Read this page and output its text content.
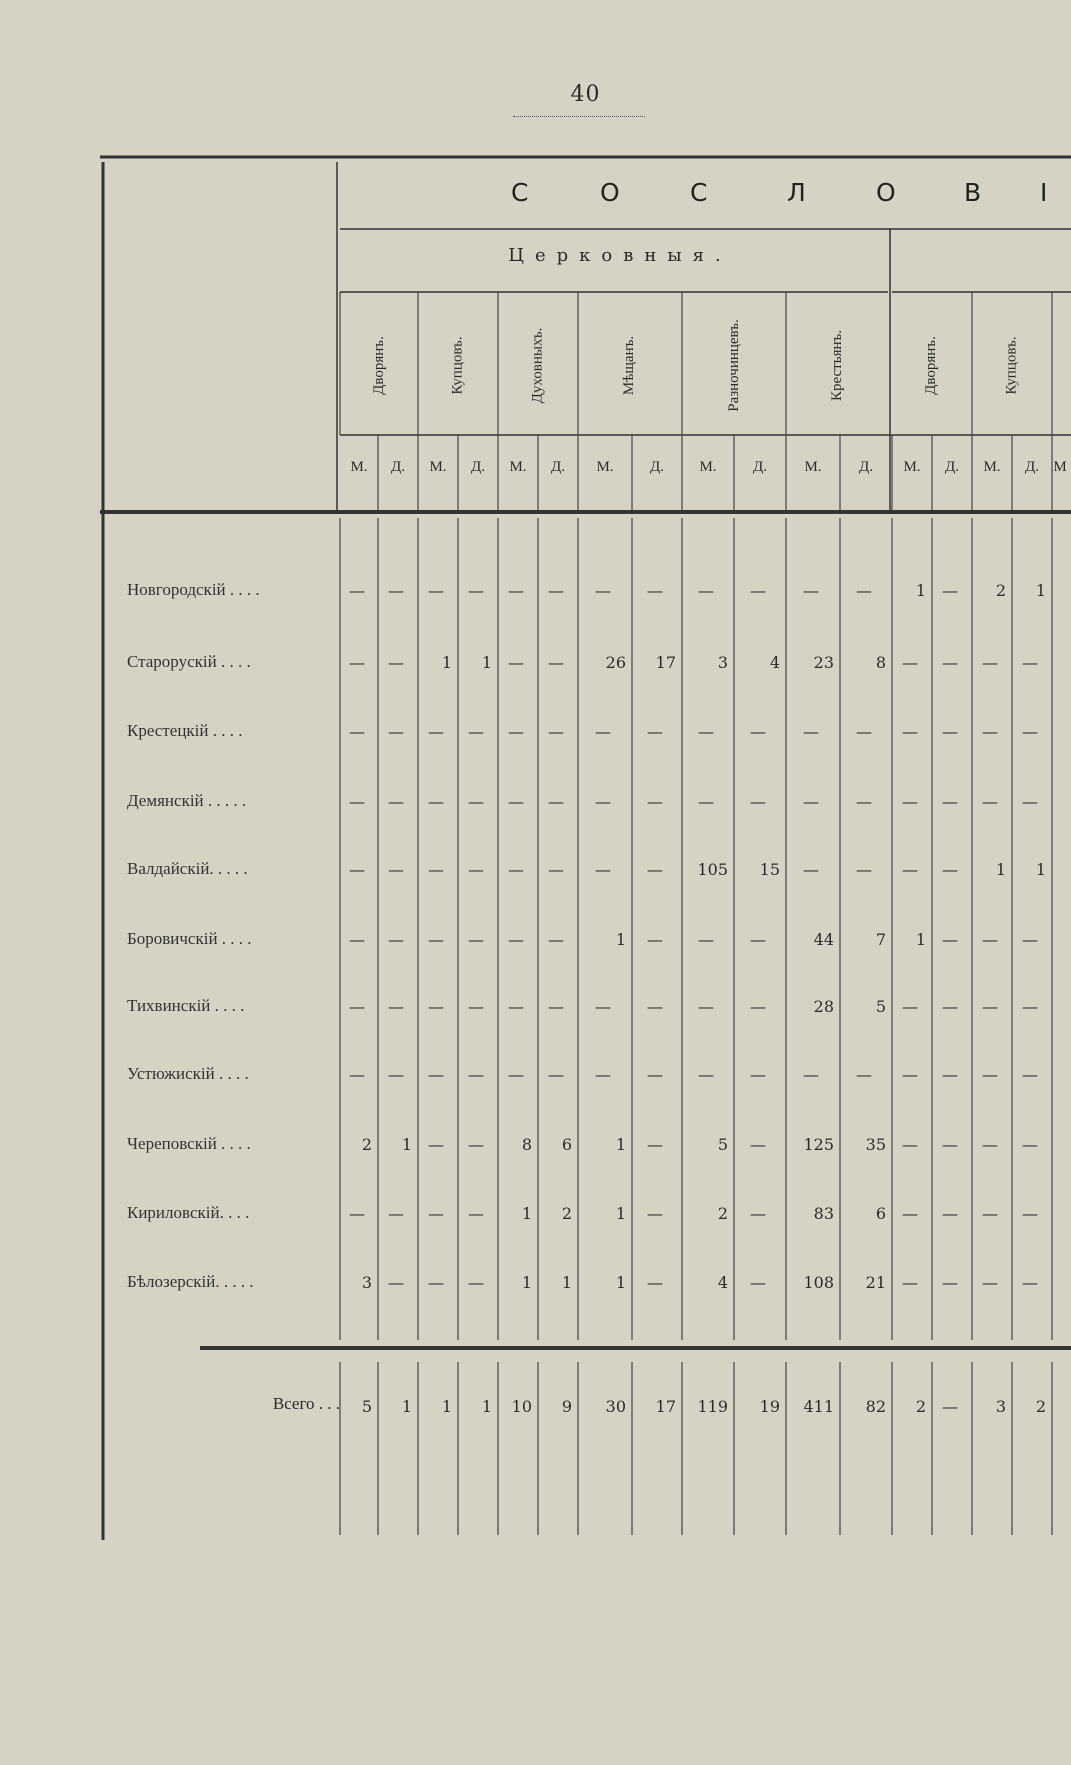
40
С	О	С	Л	О	В І
Церковныя.
Дворянъ.	Купцовъ.	Духовныхъ.	Мѣщанъ.	Разночинцевъ.	Крестьянъ.	Дворянъ.	Купцовъ.
М.	Д.	М.	Д.	М.	Д.	М.	Д.	М.	Д.	М.	Д.	М.	Д.	М.	Д. М
Новгородскій . . . .	—	—	—	—	—	—	—	—	—	—	—	—	1	—	2	1
Старорускій . . . .	—	—	1	1	—	—	26	17	3	4	23	8	—	—	—	—
Крестецкій . . . .	—	—	—	—	—	—	—	—	—	—	—	—	—	—	—	—
Демянскій . . . . .	—	—	—	—	—	—	—	—	—	—	—	—	—	—	—	—
Валдайскій. . . . .	—	—	—	—	—	—	—	—	105	15	—	—	—	—	1	1
Боровичскій . . . .	—	—	—	—	—	—	1	—	—	—	44	7	1	—	—	—
Тихвинскій . . . .	—	—	—	—	—	—	—	—	—	—	28	5	—	—	—	—
Устюжискій . . . .	—	—	—	—	—	—	—	—	—	—	—	—	—	—	—	—
Череповскій . . . .	2	1	—	—	8	6	1	—	5	—	125	35	—	—	—	—
Кириловскій. . . .	—	—	—	—	1	2	1	—	2	—	83	6	—	—	—	—
Бѣлозерскій. . . . .	3	—	—	—	1	1	1	—	4	—	108	21	—	—	—	—
Всего . . .	5	1	1	1	10	9	30	17	119	19	411	82	2	—	3	2
